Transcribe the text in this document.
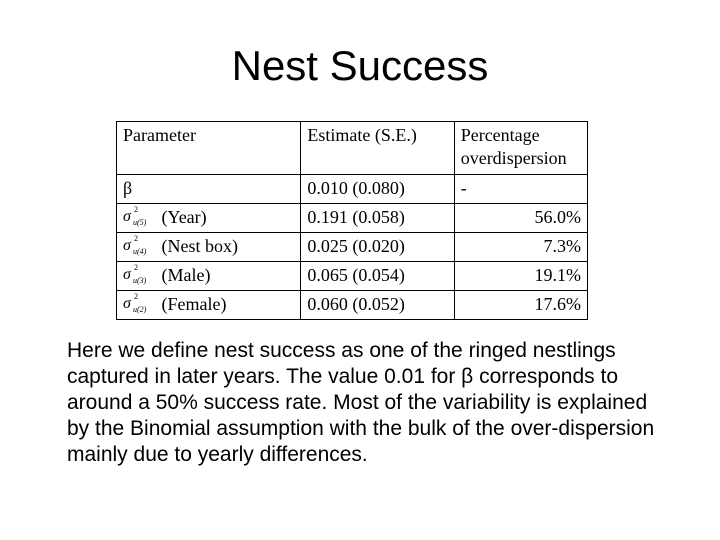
Nest Success
Parameter	Estimate (S.E.)	Percentage
overdispersion
β	0.010 (0.080)	-

σ 2
u(5) (Year)	0.191 (0.058)	56.0%

σ 2
u(4) (Nest box)	0.025 (0.020)	7.3%

σ 2
u(3) (Male)	0.065 (0.054)	19.1%

σ 2
u(2) (Female)	0.060 (0.052)	17.6%
Here we define nest success as one of the ringed nestlings captured in later years. The value 0.01 for β corresponds to around a 50% success rate. Most of the variability is explained by the Binomial assumption with the bulk of the over-dispersion mainly due to yearly differences.
